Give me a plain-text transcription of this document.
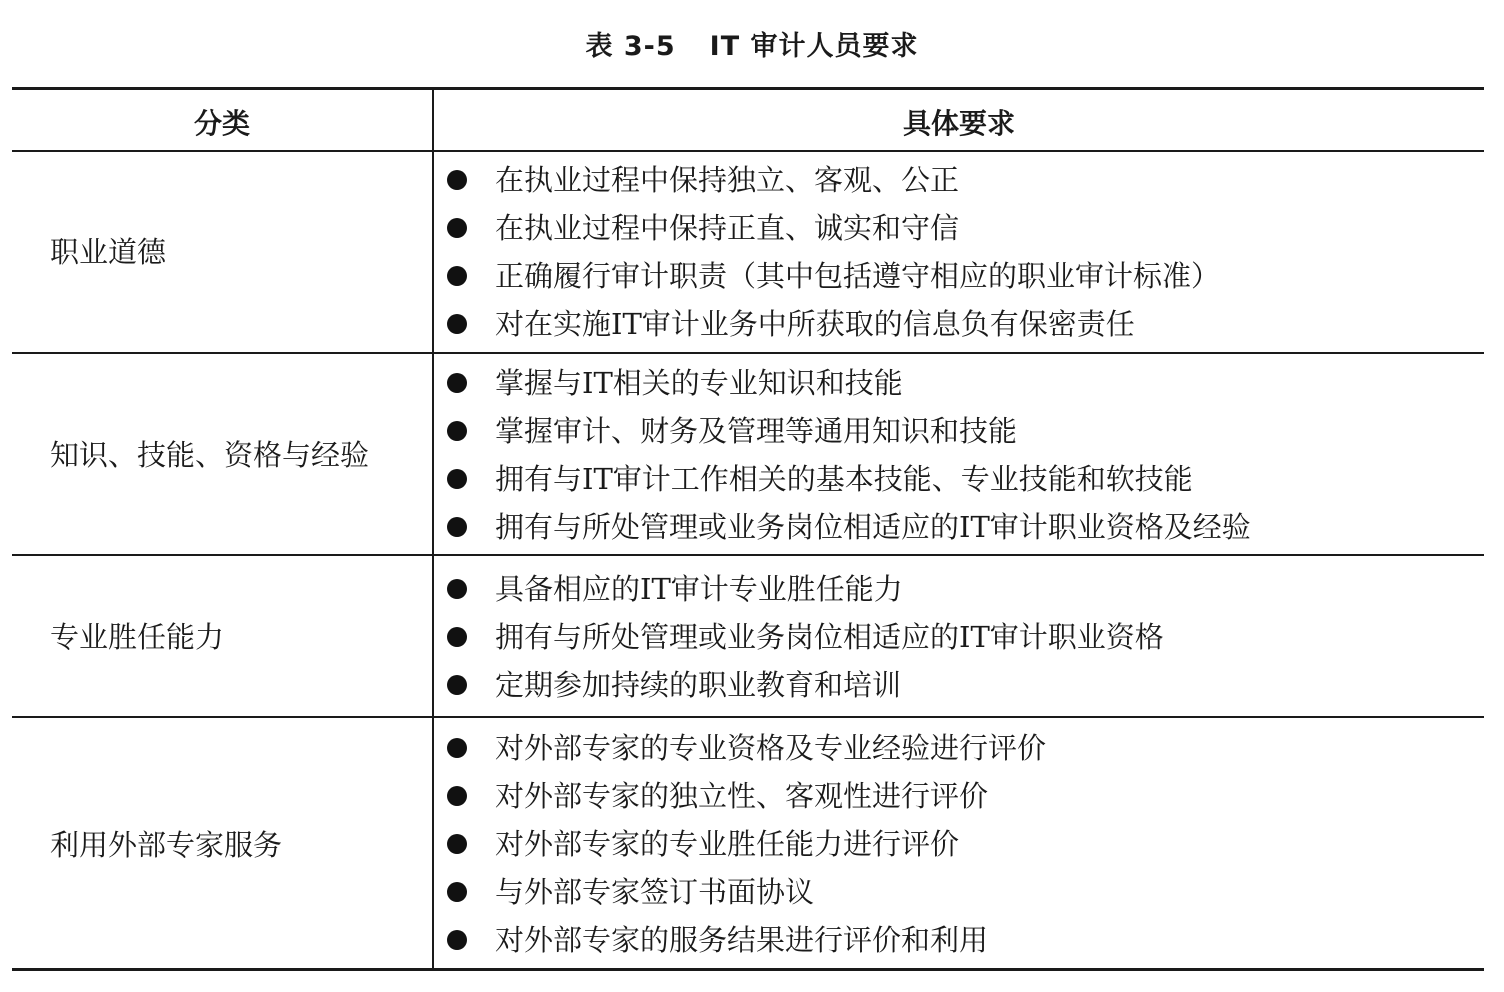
表 3-5 IT 审计人员要求
分类	具体要求
职业道德
在执业过程中保持独立、客观、公正
在执业过程中保持正直、诚实和守信
正确履行审计职责（其中包括遵守相应的职业审计标准）
对在实施IT审计业务中所获取的信息负有保密责任
知识、技能、资格与经验
掌握与IT相关的专业知识和技能
掌握审计、财务及管理等通用知识和技能
拥有与IT审计工作相关的基本技能、专业技能和软技能
拥有与所处管理或业务岗位相适应的IT审计职业资格及经验
专业胜任能力
具备相应的IT审计专业胜任能力
拥有与所处管理或业务岗位相适应的IT审计职业资格
定期参加持续的职业教育和培训
利用外部专家服务
对外部专家的专业资格及专业经验进行评价
对外部专家的独立性、客观性进行评价
对外部专家的专业胜任能力进行评价
与外部专家签订书面协议
对外部专家的服务结果进行评价和利用
